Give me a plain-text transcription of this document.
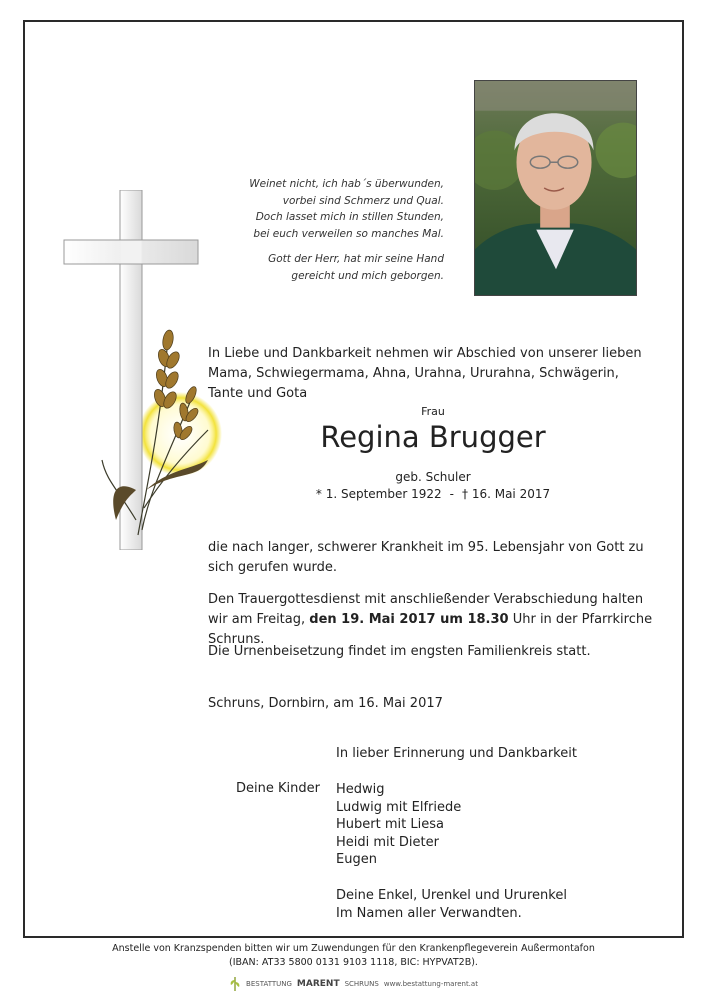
Weinet nicht, ich hab´s überwunden,
vorbei sind Schmerz und Qual.
Doch lasset mich in stillen Stunden,
bei euch verweilen so manches Mal.
Gott der Herr, hat mir seine Hand
gereicht und mich geborgen.
In Liebe und Dankbarkeit nehmen wir Abschied von unserer lieben Mama, Schwiegermama, Ahna, Urahna, Ururahna, Schwägerin, Tante und Gota
Frau
Regina Brugger
geb. Schuler
* 1. September 1922 - † 16. Mai 2017
die nach langer, schwerer Krankheit im 95. Lebensjahr von Gott zu sich gerufen wurde.
Den Trauergottesdienst mit anschließender Verabschiedung halten wir am Freitag, den 19. Mai 2017 um 18.30 Uhr in der Pfarrkirche Schruns.
Die Urnenbeisetzung findet im engsten Familienkreis statt.
Schruns, Dornbirn, am 16. Mai 2017
In lieber Erinnerung und Dankbarkeit
Deine Kinder Hedwig
Ludwig mit Elfriede
Hubert mit Liesa
Heidi mit Dieter
Eugen
Deine Enkel, Urenkel und Ururenkel
Im Namen aller Verwandten.
Anstelle von Kranzspenden bitten wir um Zuwendungen für den Krankenpflegeverein Außermontafon
(IBAN: AT33 5800 0131 9103 1118, BIC: HYPVAT2B).
BESTATTUNG MARENT SCHRUNS www.bestattung-marent.at
